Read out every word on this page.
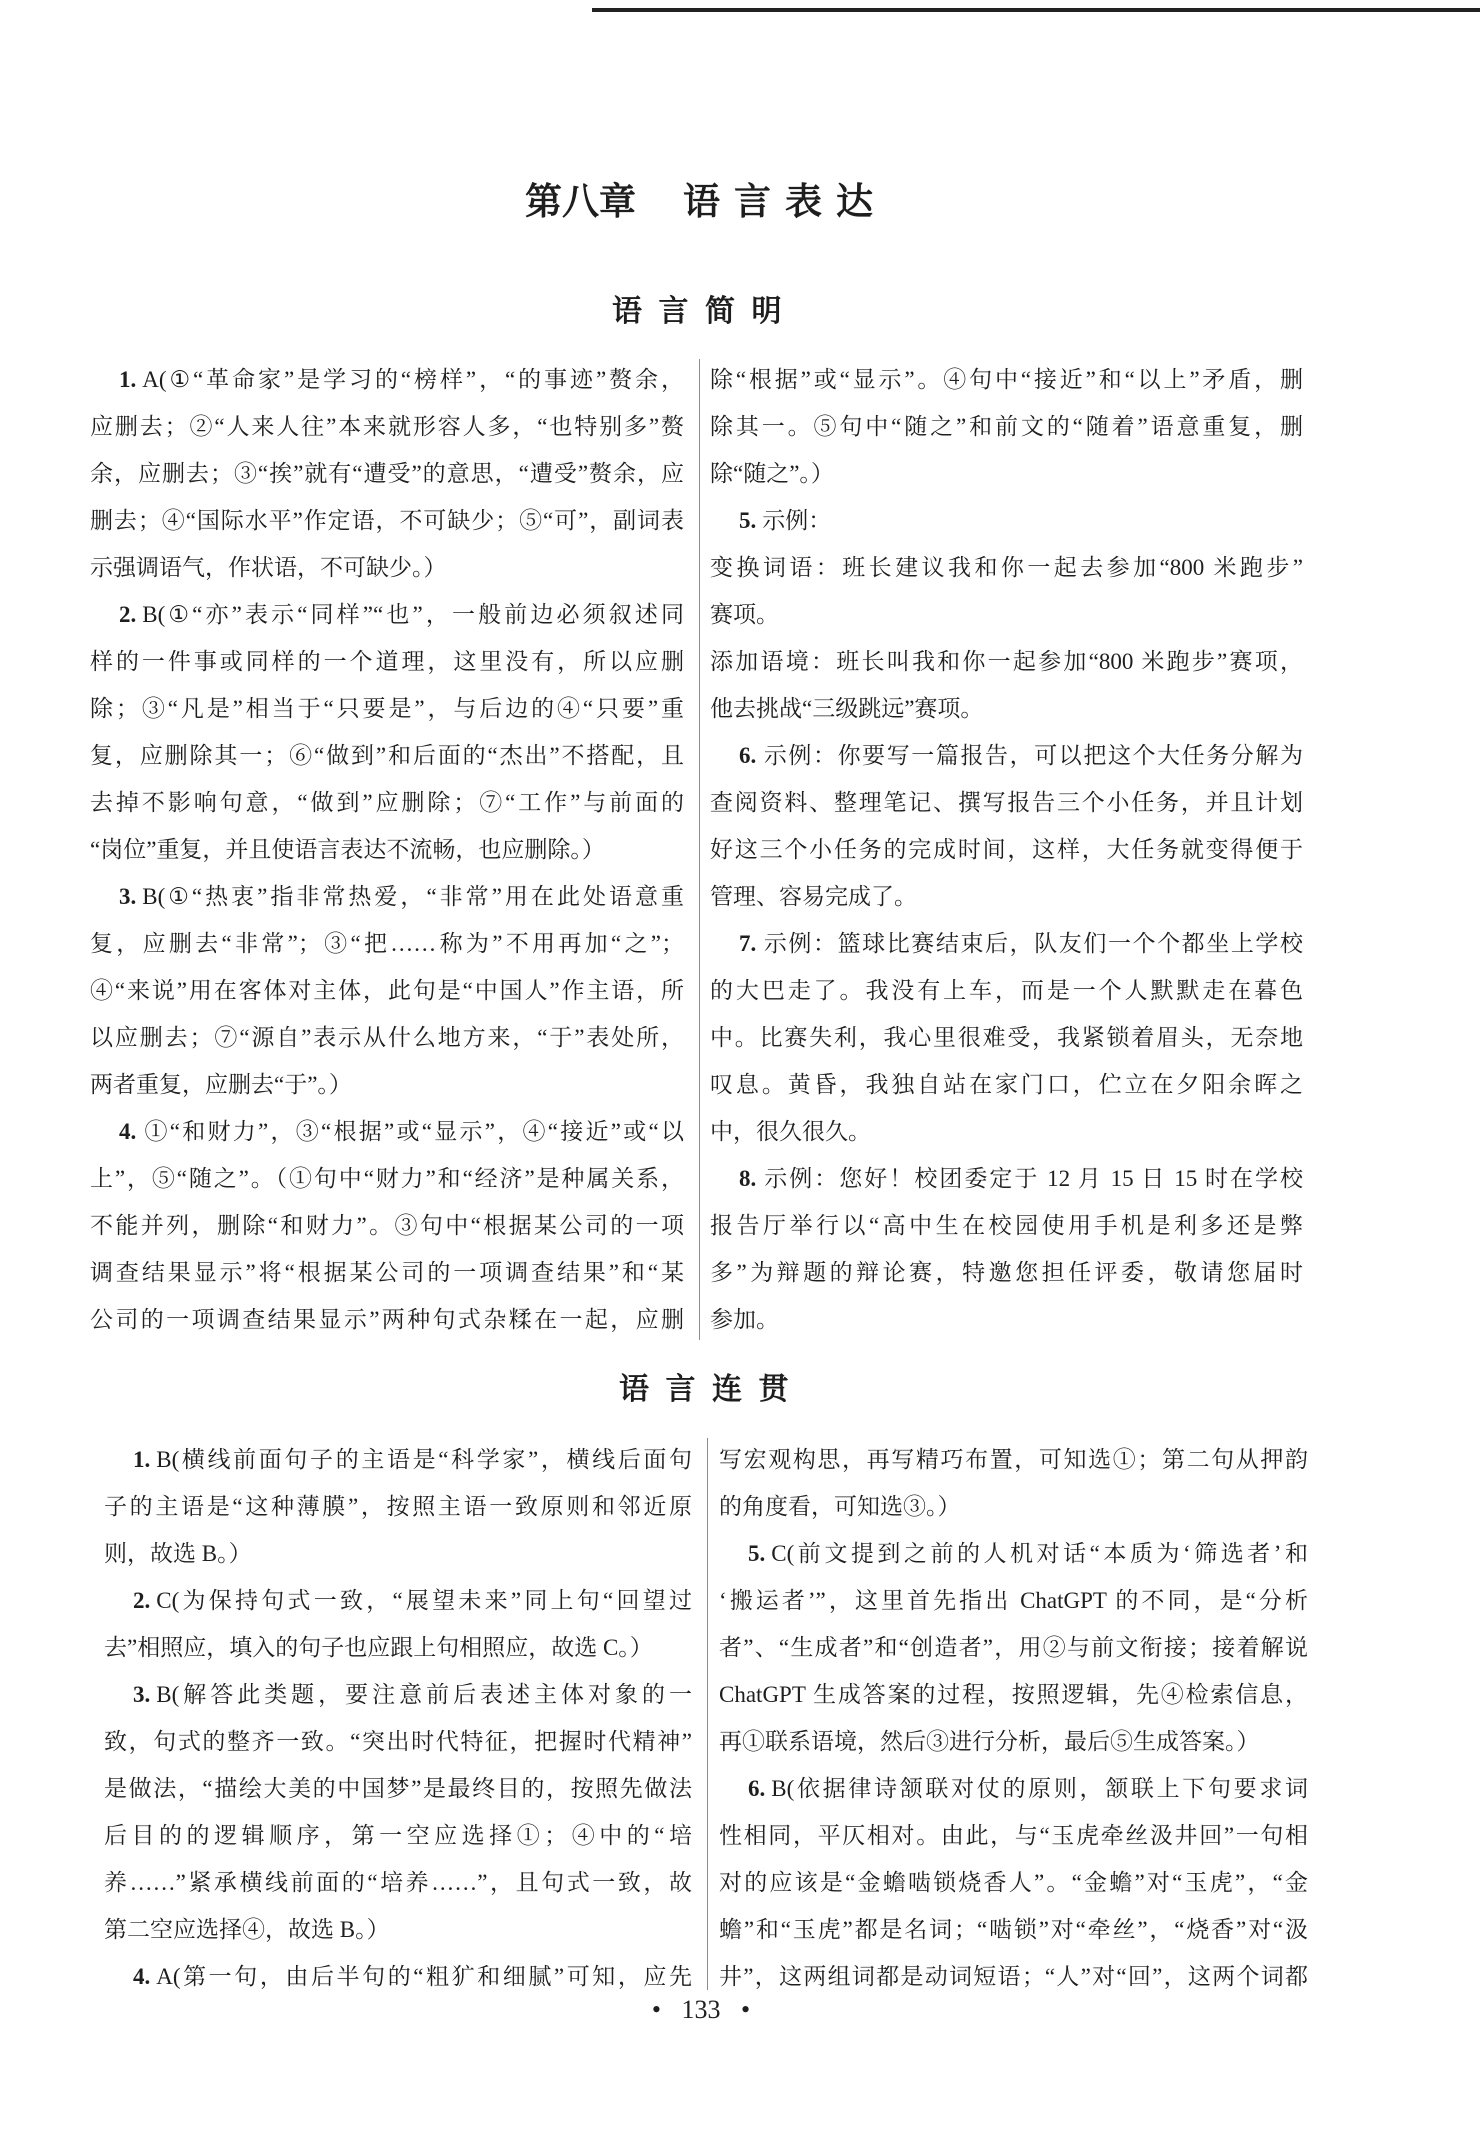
第八章 语言表达
语言简明
1. A(①“革命家”是学习的“榜样”，“的事迹”赘余，
应删去；②“人来人往”本来就形容人多，“也特别多”赘
余，应删去；③“挨”就有“遭受”的意思，“遭受”赘余，应
删去；④“国际水平”作定语，不可缺少；⑤“可”，副词表
示强调语气，作状语，不可缺少。）
2. B(①“亦”表示“同样”“也”，一般前边必须叙述同
样的一件事或同样的一个道理，这里没有，所以应删
除；③“凡是”相当于“只要是”，与后边的④“只要”重
复，应删除其一；⑥“做到”和后面的“杰出”不搭配，且
去掉不影响句意，“做到”应删除；⑦“工作”与前面的
“岗位”重复，并且使语言表达不流畅，也应删除。）
3. B(①“热衷”指非常热爱，“非常”用在此处语意重
复，应删去“非常”；③“把……称为”不用再加“之”；
④“来说”用在客体对主体，此句是“中国人”作主语，所
以应删去；⑦“源自”表示从什么地方来，“于”表处所，
两者重复，应删去“于”。）
4. ①“和财力”，③“根据”或“显示”，④“接近”或“以
上”，⑤“随之”。（①句中“财力”和“经济”是种属关系，
不能并列，删除“和财力”。③句中“根据某公司的一项
调查结果显示”将“根据某公司的一项调查结果”和“某
公司的一项调查结果显示”两种句式杂糅在一起，应删
除“根据”或“显示”。④句中“接近”和“以上”矛盾，删
除其一。⑤句中“随之”和前文的“随着”语意重复，删
除“随之”。）
5. 示例：
变换词语：班长建议我和你一起去参加“800 米跑步”
赛项。
添加语境：班长叫我和你一起参加“800 米跑步”赛项，
他去挑战“三级跳远”赛项。
6. 示例：你要写一篇报告，可以把这个大任务分解为
查阅资料、整理笔记、撰写报告三个小任务，并且计划
好这三个小任务的完成时间，这样，大任务就变得便于
管理、容易完成了。
7. 示例：篮球比赛结束后，队友们一个个都坐上学校
的大巴走了。我没有上车，而是一个人默默走在暮色
中。比赛失利，我心里很难受，我紧锁着眉头，无奈地
叹息。黄昏，我独自站在家门口，伫立在夕阳余晖之
中，很久很久。
8. 示例：您好！校团委定于 12 月 15 日 15 时在学校
报告厅举行以“高中生在校园使用手机是利多还是弊
多”为辩题的辩论赛，特邀您担任评委，敬请您届时
参加。
语言连贯
1. B(横线前面句子的主语是“科学家”，横线后面句
子的主语是“这种薄膜”，按照主语一致原则和邻近原
则，故选 B。）
2. C(为保持句式一致，“展望未来”同上句“回望过
去”相照应，填入的句子也应跟上句相照应，故选 C。）
3. B(解答此类题，要注意前后表述主体对象的一
致，句式的整齐一致。“突出时代特征，把握时代精神”
是做法，“描绘大美的中国梦”是最终目的，按照先做法
后目的的逻辑顺序，第一空应选择①；④中的“培
养……”紧承横线前面的“培养……”，且句式一致，故
第二空应选择④，故选 B。）
4. A(第一句，由后半句的“粗犷和细腻”可知，应先
写宏观构思，再写精巧布置，可知选①；第二句从押韵
的角度看，可知选③。）
5. C(前文提到之前的人机对话“本质为‘筛选者’和
‘搬运者’”，这里首先指出 ChatGPT 的不同，是“分析
者”、“生成者”和“创造者”，用②与前文衔接；接着解说
ChatGPT 生成答案的过程，按照逻辑，先④检索信息，
再①联系语境，然后③进行分析，最后⑤生成答案。）
6. B(依据律诗颔联对仗的原则，颔联上下句要求词
性相同，平仄相对。由此，与“玉虎牵丝汲井回”一句相
对的应该是“金蟾啮锁烧香人”。“金蟾”对“玉虎”，“金
蟾”和“玉虎”都是名词；“啮锁”对“牵丝”，“烧香”对“汲
井”，这两组词都是动词短语；“人”对“回”，这两个词都
• 133 •
